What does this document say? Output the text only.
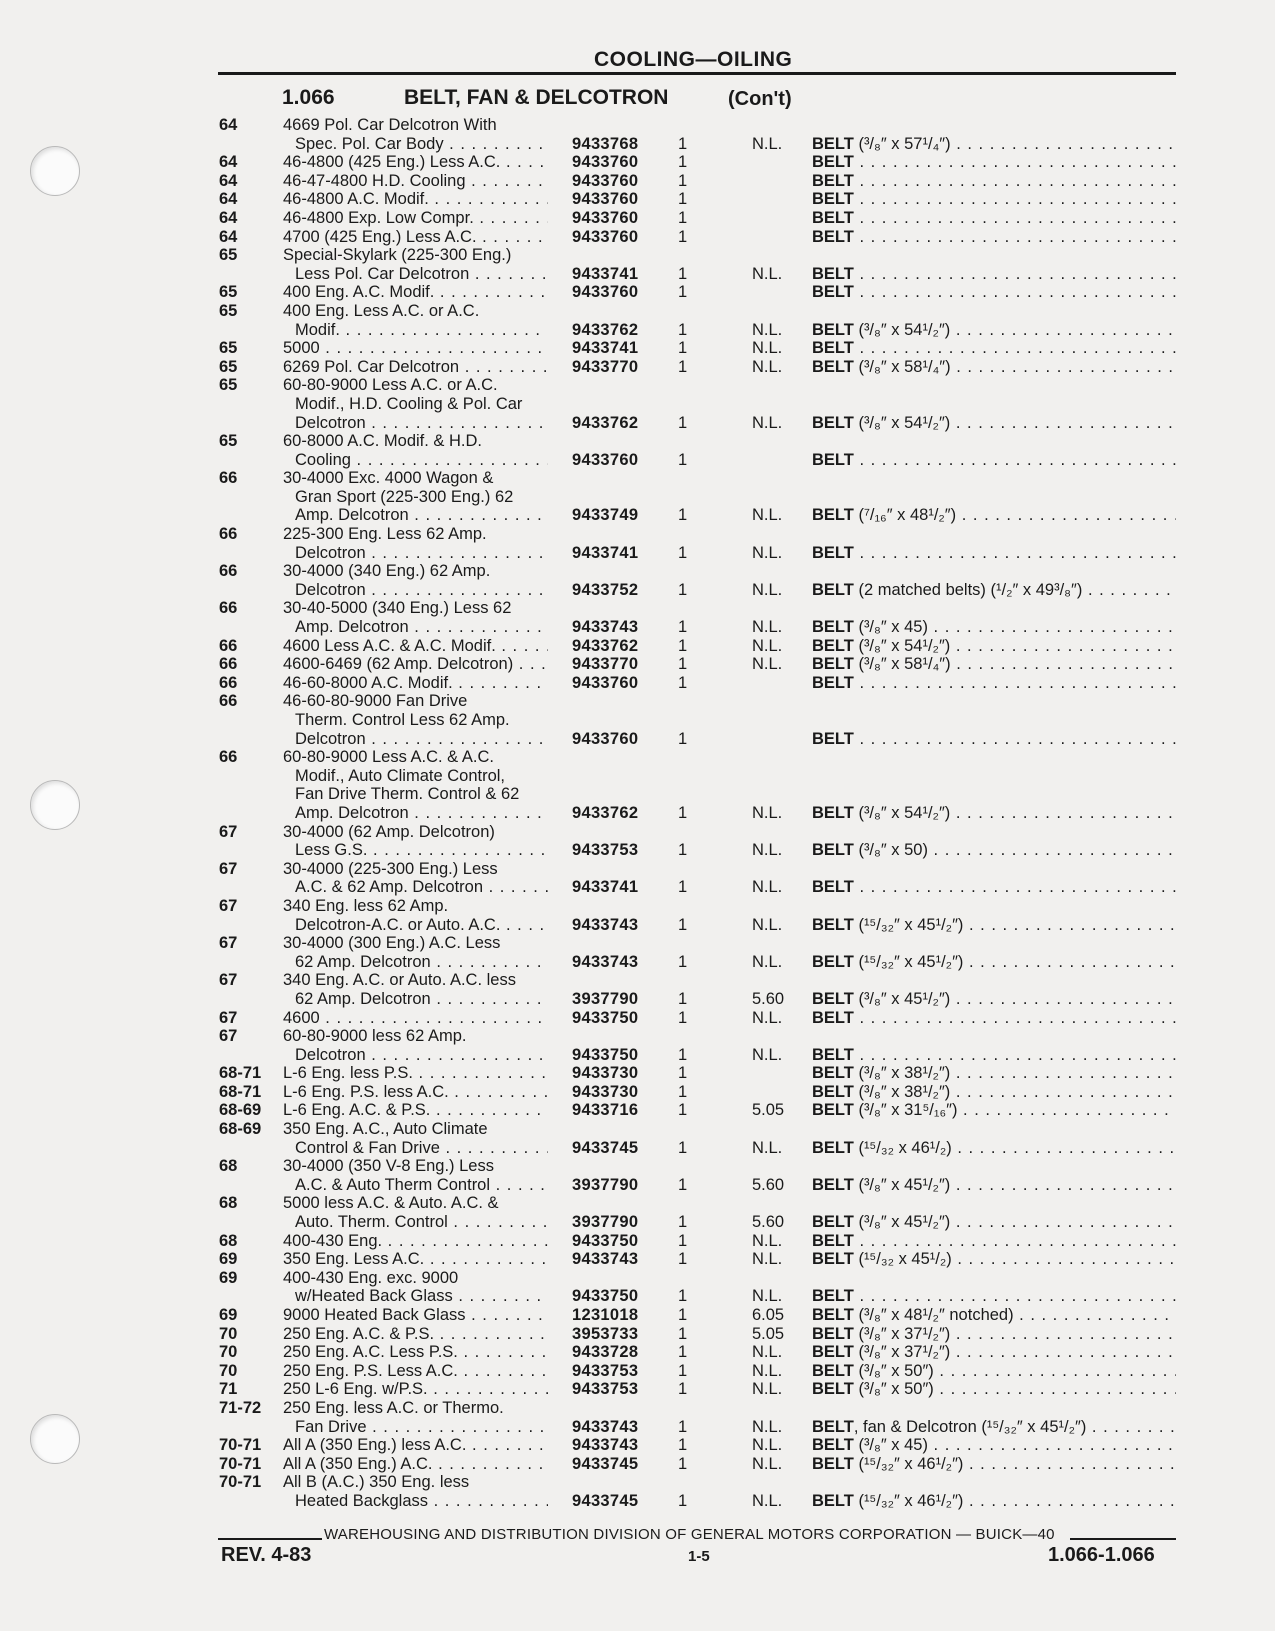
COOLING—OILING
1.066	BELT, FAN & DELCOTRON	(Con't)
64	4669 Pol. Car Delcotron With
Spec. Pol. Car Body . . .	9433768 1	N.L. BELT (³/₈″ x 57¹/₄″) . . .
64	46-4800 (425 Eng.) Less A.C. . . .	9433760 1	BELT . . .
64	46-47-4800 H.D. Cooling . . .	9433760 1	BELT . . .
64	46-4800 A.C. Modif. . . .	9433760 1	BELT . . .
64	46-4800 Exp. Low Compr. . . .	9433760 1	BELT . . .
64	4700 (425 Eng.) Less A.C. . . .	9433760 1	BELT . . .
65	Special-Skylark (225-300 Eng.)
Less Pol. Car Delcotron . . .	9433741 1	N.L. BELT . . .
65	400 Eng. A.C. Modif. . . .	9433760 1	BELT . . .
65	400 Eng. Less A.C. or A.C.
Modif. . . .	9433762 1	N.L. BELT (³/₈″ x 54¹/₂″) . . .
65	5000 . . .	9433741 1	N.L. BELT . . .
65	6269 Pol. Car Delcotron . . .	9433770 1	N.L. BELT (³/₈″ x 58¹/₄″) . . .
65	60-80-9000 Less A.C. or A.C.
Modif., H.D. Cooling & Pol. Car
Delcotron . . .	9433762 1	N.L. BELT (³/₈″ x 54¹/₂″) . . .
65	60-8000 A.C. Modif. & H.D.
Cooling . . .	9433760 1	BELT . . .
66	30-4000 Exc. 4000 Wagon &
Gran Sport (225-300 Eng.) 62
Amp. Delcotron . . .	9433749 1	N.L. BELT (⁷/₁₆″ x 48¹/₂″) . . .
66	225-300 Eng. Less 62 Amp.
Delcotron . . .	9433741 1	N.L. BELT . . .
66	30-4000 (340 Eng.) 62 Amp.
Delcotron . . .	9433752 1	N.L. BELT (2 matched belts) (¹/₂″ x 49³/₈″) . . .
66	30-40-5000 (340 Eng.) Less 62
Amp. Delcotron . . .	9433743 1	N.L. BELT (³/₈″ x 45) . . .
66	4600 Less A.C. & A.C. Modif. . . .	9433762 1	N.L. BELT (³/₈″ x 54¹/₂″) . . .
66	4600-6469 (62 Amp. Delcotron) . . .	9433770 1	N.L. BELT (³/₈″ x 58¹/₄″) . . .
66	46-60-8000 A.C. Modif. . . .	9433760 1	BELT . . .
66	46-60-80-9000 Fan Drive
Therm. Control Less 62 Amp.
Delcotron . . .	9433760 1	BELT . . .
66	60-80-9000 Less A.C. & A.C.
Modif., Auto Climate Control,
Fan Drive Therm. Control & 62
Amp. Delcotron . . .	9433762 1	N.L. BELT (³/₈″ x 54¹/₂″) . . .
67	30-4000 (62 Amp. Delcotron)
Less G.S. . . .	9433753 1	N.L. BELT (³/₈″ x 50) . . .
67	30-4000 (225-300 Eng.) Less
A.C. & 62 Amp. Delcotron . . .	9433741 1	N.L. BELT . . .
67	340 Eng. less 62 Amp.
Delcotron-A.C. or Auto. A.C. . . .	9433743 1	N.L. BELT (¹⁵/₃₂″ x 45¹/₂″) . . .
67	30-4000 (300 Eng.) A.C. Less
62 Amp. Delcotron . . .	9433743 1	N.L. BELT (¹⁵/₃₂″ x 45¹/₂″) . . .
67	340 Eng. A.C. or Auto. A.C. less
62 Amp. Delcotron . . .	3937790 1	5.60 BELT (³/₈″ x 45¹/₂″) . . .
67	4600 . . .	9433750 1	N.L. BELT . . .
67	60-80-9000 less 62 Amp.
Delcotron . . .	9433750 1	N.L. BELT . . .
68-71 L-6 Eng. less P.S. . . .	9433730 1	BELT (³/₈″ x 38¹/₂″) . . .
68-71 L-6 Eng. P.S. less A.C. . . .	9433730 1	BELT (³/₈″ x 38¹/₂″) . . .
68-69 L-6 Eng. A.C. & P.S. . . .	9433716 1	5.05 BELT (³/₈″ x 31⁵/₁₆″) . . .
68-69 350 Eng. A.C., Auto Climate
Control & Fan Drive . . .	9433745 1	N.L. BELT (¹⁵/₃₂ x 46¹/₂) . . .
68	30-4000 (350 V-8 Eng.) Less
A.C. & Auto Therm Control . . .	3937790 1	5.60 BELT (³/₈″ x 45¹/₂″) . . .
68	5000 less A.C. & Auto. A.C. &
Auto. Therm. Control . . .	3937790 1	5.60 BELT (³/₈″ x 45¹/₂″) . . .
68	400-430 Eng. . . .	9433750 1	N.L. BELT . . .
69	350 Eng. Less A.C. . . .	9433743 1	N.L. BELT (¹⁵/₃₂ x 45¹/₂) . . .
69	400-430 Eng. exc. 9000
w/Heated Back Glass . . .	9433750 1	N.L. BELT . . .
69	9000 Heated Back Glass . . .	1231018 1	6.05 BELT (³/₈″ x 48¹/₂″ notched) . . .
70	250 Eng. A.C. & P.S. . . .	3953733 1	5.05 BELT (³/₈″ x 37¹/₂″) . . .
70	250 Eng. A.C. Less P.S. . . .	9433728 1	N.L. BELT (³/₈″ x 37¹/₂″) . . .
70	250 Eng. P.S. Less A.C. . . .	9433753 1	N.L. BELT (³/₈″ x 50″) . . .
71	250 L-6 Eng. w/P.S. . . .	9433753 1	N.L. BELT (³/₈″ x 50″) . . .
71-72 250 Eng. less A.C. or Thermo.
Fan Drive . . .	9433743 1	N.L. BELT, fan & Delcotron (¹⁵/₃₂″ x 45¹/₂″) . . .
70-71 All A (350 Eng.) less A.C. . . .	9433743 1	N.L. BELT (³/₈″ x 45) . . .
70-71 All A (350 Eng.) A.C. . . .	9433745 1	N.L. BELT (¹⁵/₃₂″ x 46¹/₂″) . . .
70-71 All B (A.C.) 350 Eng. less
Heated Backglass . . .	9433745 1	N.L. BELT (¹⁵/₃₂″ x 46¹/₂″) . . .
WAREHOUSING AND DISTRIBUTION DIVISION OF GENERAL MOTORS CORPORATION — BUICK—40
REV. 4-83	1-5	1.066-1.066
